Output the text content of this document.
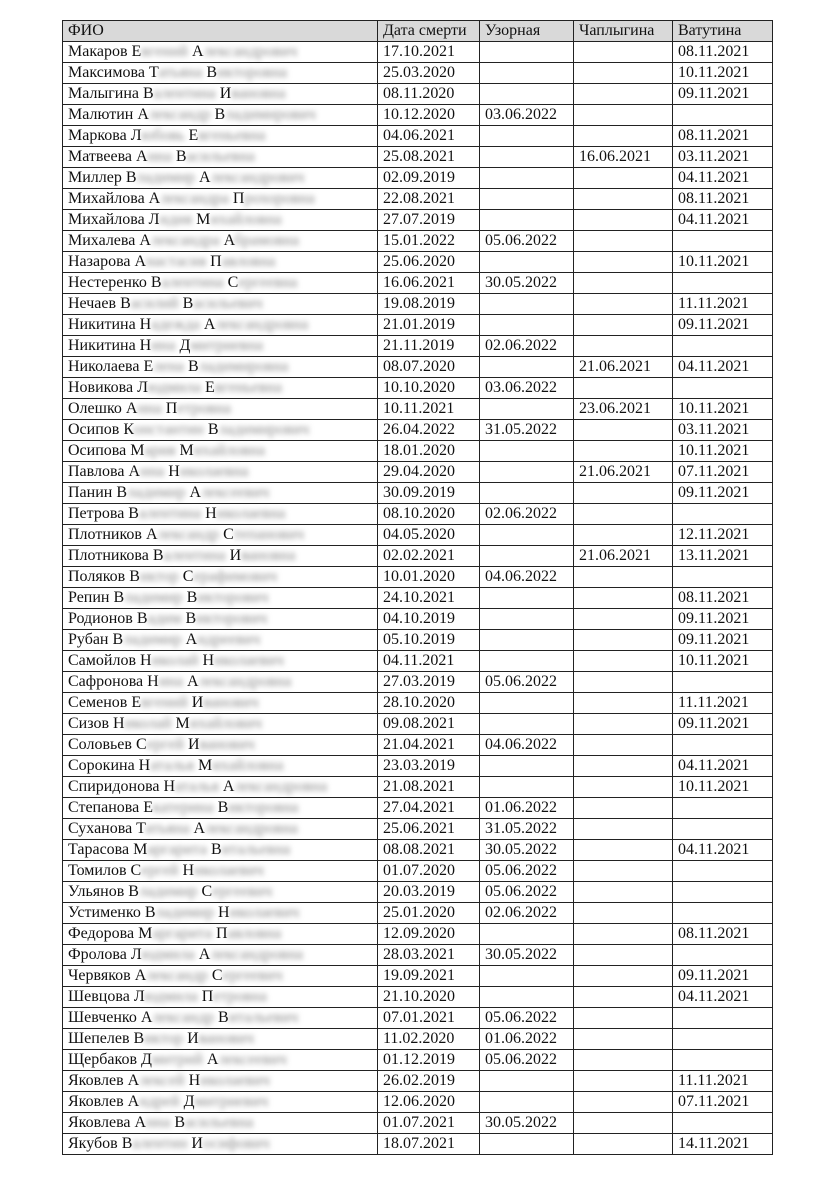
ФИО	Дата смерти	Узорная	Чаплыгина	Ватутина
Макаров Евгений Александрович	17.10.2021			08.11.2021
Максимова Татьяна Викторовна	25.03.2020			10.11.2021
Малыгина Валентина Ивановна	08.11.2020			09.11.2021
Малютин Александр Владимирович	10.12.2020	03.06.2022		
Маркова Любовь Евгеньевна	04.06.2021			08.11.2021
Матвеева Анна Васильевна	25.08.2021		16.06.2021	03.11.2021
Миллер Владимир Александрович	02.09.2019			04.11.2021
Михайлова Александра Прохоровна	22.08.2021			08.11.2021
Михайлова Лидия Михайловна	27.07.2019			04.11.2021
Михалева Александра Абрамовна	15.01.2022	05.06.2022		
Назарова Анастасия Павловна	25.06.2020			10.11.2021
Нестеренко Валентина Сергеевна	16.06.2021	30.05.2022		
Нечаев Василий Васильевич	19.08.2019			11.11.2021
Никитина Надежда Александровна	21.01.2019			09.11.2021
Никитина Нина Дмитриевна	21.11.2019	02.06.2022		
Николаева Елена Владимировна	08.07.2020		21.06.2021	04.11.2021
Новикова Людмила Евгеньевна	10.10.2020	03.06.2022		
Олешко Анна Петровна	10.11.2021		23.06.2021	10.11.2021
Осипов Константин Владимирович	26.04.2022	31.05.2022		03.11.2021
Осипова Мария Михайловна	18.01.2020			10.11.2021
Павлова Анна Николаевна	29.04.2020		21.06.2021	07.11.2021
Панин Владимир Алексеевич	30.09.2019			09.11.2021
Петрова Валентина Николаевна	08.10.2020	02.06.2022		
Плотников Александр Степанович	04.05.2020			12.11.2021
Плотникова Валентина Ивановна	02.02.2021		21.06.2021	13.11.2021
Поляков Виктор Серафимович	10.01.2020	04.06.2022		
Репин Владимир Викторович	24.10.2021			08.11.2021
Родионов Вадим Викторович	04.10.2019			09.11.2021
Рубан Владимир Андреевич	05.10.2019			09.11.2021
Самойлов Николай Николаевич	04.11.2021			10.11.2021
Сафронова Нина Александровна	27.03.2019	05.06.2022		
Семенов Евгений Иванович	28.10.2020			11.11.2021
Сизов Николай Михайлович	09.08.2021			09.11.2021
Соловьев Сергей Иванович	21.04.2021	04.06.2022		
Сорокина Наталья Михайловна	23.03.2019			04.11.2021
Спиридонова Наталья Александровна	21.08.2021			10.11.2021
Степанова Екатерина Викторовна	27.04.2021	01.06.2022		
Суханова Татьяна Александровна	25.06.2021	31.05.2022		
Тарасова Маргарита Витальевна	08.08.2021	30.05.2022		04.11.2021
Томилов Сергей Николаевич	01.07.2020	05.06.2022		
Ульянов Владимир Сергеевич	20.03.2019	05.06.2022		
Устименко Владимир Николаевич	25.01.2020	02.06.2022		
Федорова Маргарита Павловна	12.09.2020			08.11.2021
Фролова Людмила Александровна	28.03.2021	30.05.2022		
Червяков Александр Сергеевич	19.09.2021			09.11.2021
Шевцова Людмила Петровна	21.10.2020			04.11.2021
Шевченко Александр Витальевич	07.01.2021	05.06.2022		
Шепелев Виктор Иванович	11.02.2020	01.06.2022		
Щербаков Дмитрий Алексеевич	01.12.2019	05.06.2022		
Яковлев Алексей Николаевич	26.02.2019			11.11.2021
Яковлев Андрей Дмитриевич	12.06.2020			07.11.2021
Яковлева Анна Васильевна	01.07.2021	30.05.2022		
Якубов Валентин Иосифович	18.07.2021			14.11.2021
